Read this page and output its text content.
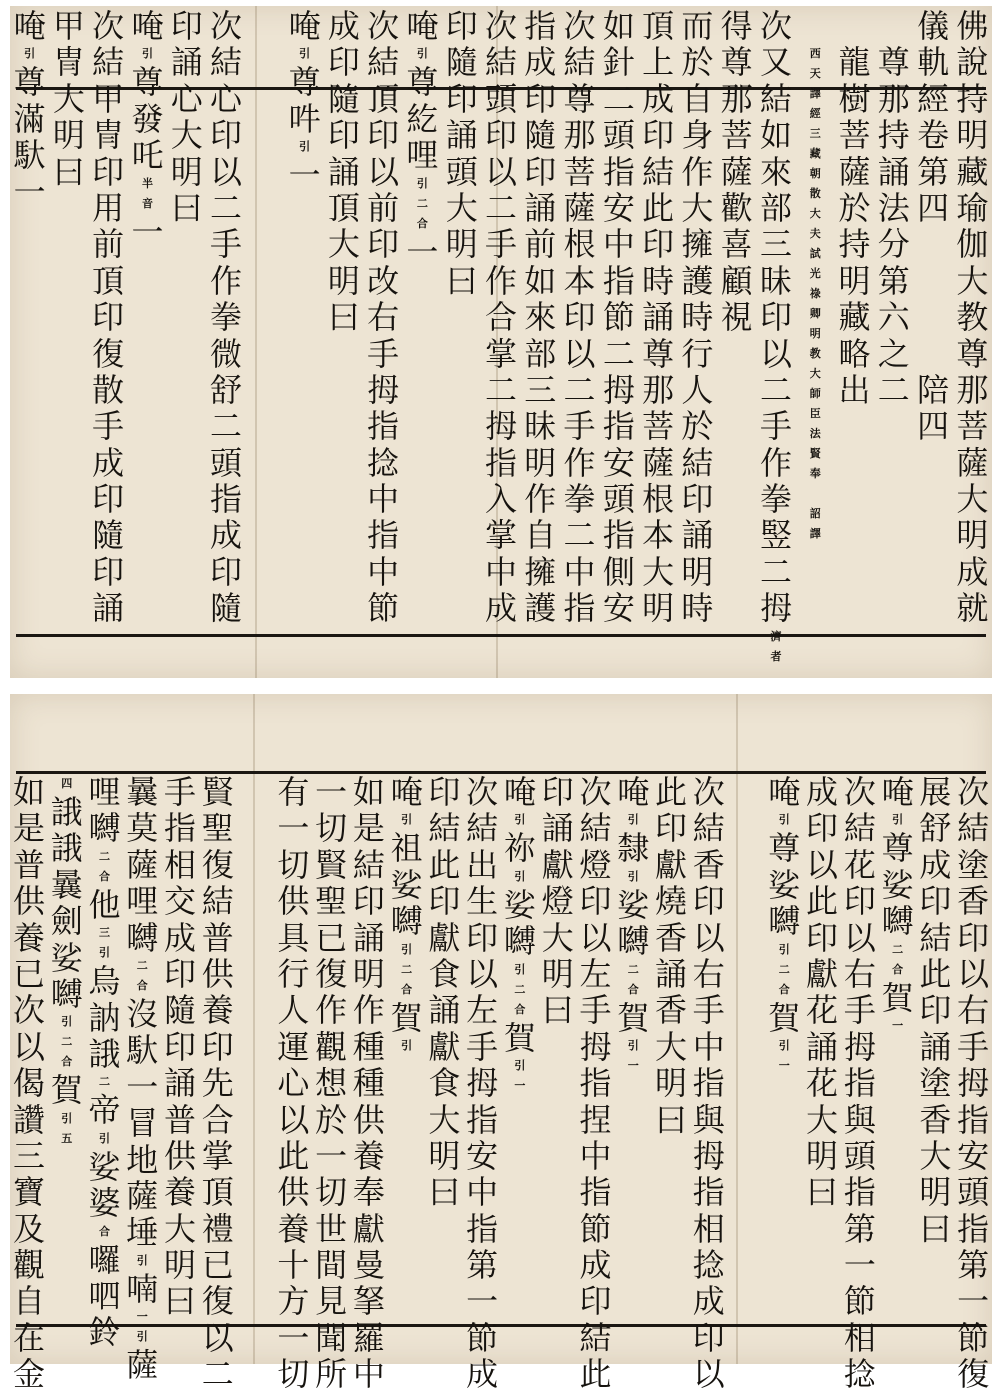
佛
說
持
明
藏
瑜
伽
大
教
尊
那
菩
薩
大
明
成
就
儀
軌
經
卷
第
四
陪
四
尊
那
持
誦
法
分
第
六
之
二
龍
樹
菩
薩
於
持
明
藏
略
出
西
天
譯
經
三
藏
朝
散
大
夫
試
光
祿
卿
明
教
大
師
臣
法
賢
奉

詔
譯
次
又
結
如
來
部
三
昧
印
以
二
手
作
拳
竪
二
拇
濟
者
得
尊
那
菩
薩
歡
喜
顧
視
而
於
自
身
作
大
擁
護
時
行
人
於
結
印
誦
明
時
頂
上
成
印
結
此
印
時
誦
尊
那
菩
薩
根
本
大
明
如
針
二
頭
指
安
中
指
節
二
拇
指
安
頭
指
側
安
次
結
尊
那
菩
薩
根
本
印
以
二
手
作
拳
二
中
指
指
成
印
隨
印
誦
前
如
來
部
三
昧
明
作
自
擁
護
次
結
頭
印
以
二
手
作
合
掌
二
拇
指
入
掌
中
成
印
隨
印
誦
頭
大
明
曰
唵
引
尊
紇
哩
引
二
合
一
次
結
頂
印
以
前
印
改
右
手
拇
指
捻
中
指
中
節
成
印
隨
印
誦
頂
大
明
曰
唵
引
尊
吽
引
一
次
結
心
印
以
二
手
作
拳
微
舒
二
頭
指
成
印
隨
印
誦
心
大
明
曰
唵
引
尊
發
吒
半
音
一
次
結
甲
冑
印
用
前
頂
印
復
散
手
成
印
隨
印
誦
甲
冑
大
明
曰
唵
引
尊
滿
馱
一
次
結
塗
香
印
以
右
手
拇
指
安
頭
指
第
一
節
復
展
舒
成
印
結
此
印
誦
塗
香
大
明
曰
唵
引
尊
娑
嚩
二
合
賀
一
次
結
花
印
以
右
手
拇
指
與
頭
指
第
一
節
相
捻
成
印
以
此
印
獻
花
誦
花
大
明
曰
唵
引
尊
娑
嚩
引
二
合
賀
引
一
次
結
香
印
以
右
手
中
指
與
拇
指
相
捻
成
印
以
此
印
獻
燒
香
誦
香
大
明
曰
唵
引
隸
引
娑
嚩
二
合
賀
引
一
次
結
燈
印
以
左
手
拇
指
捏
中
指
節
成
印
結
此
印
誦
獻
燈
大
明
曰
唵
引
祢
引
娑
嚩
引
二
合
賀
引
一
次
結
出
生
印
以
左
手
拇
指
安
中
指
第
一
節
成
印
結
此
印
獻
食
誦
獻
食
大
明
曰
唵
引
祖
娑
嚩
引
二
合
賀
引
如
是
結
印
誦
明
作
種
種
供
養
奉
獻
曼
拏
羅
中
一
切
賢
聖
已
復
作
觀
想
於
一
切
世
間
見
聞
所
有
一
切
供
具
行
人
運
心
以
此
供
養
十
方
一
切
賢
聖
復
結
普
供
養
印
先
合
掌
頂
禮
已
復
以
二
手
指
相
交
成
印
隨
印
誦
普
供
養
大
明
曰
曩
莫
薩
哩
嚩
二
合
沒
馱
一
冒
地
薩
埵
引
喃
一
引
薩
哩
嚩
二
合
他
三
引
烏
訥
誐
二
帝
引
娑
婆
合
囉
呬
鈴
四
誐
誐
曩
劍
娑
嚩
引
二
合
賀
引
五
如
是
普
供
養
已
次
以
偈
讚
三
寶
及
觀
自
在
金
